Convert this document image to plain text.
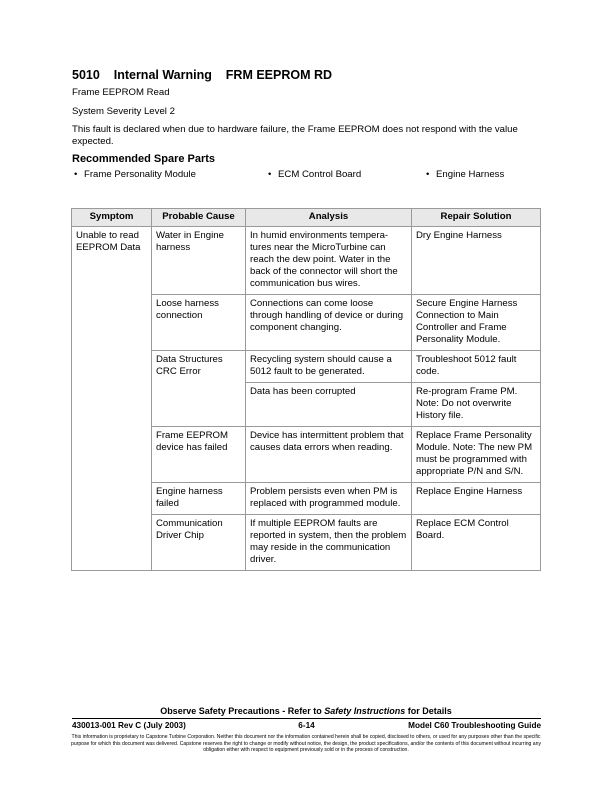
5010 Internal Warning FRM EEPROM RD
Frame EEPROM Read
System Severity Level 2
This fault is declared when due to hardware failure, the Frame EEPROM does not respond with the value expected.
Recommended Spare Parts
• Frame Personality Module	• ECM Control Board	• Engine Harness
Symptom	Probable Cause	Analysis	Repair Solution
Unable to read EEPROM Data	Water in Engine harness	In humid environments tempera-tures near the MicroTurbine can reach the dew point. Water in the back of the connector will short the communication bus wires.	Dry Engine Harness
	Loose harness connection	Connections can come loose through handling of device or during component changing.	Secure Engine Harness Connection to Main Controller and Frame Personality Module.
	Data Structures CRC Error	Recycling system should cause a 5012 fault to be generated.	Troubleshoot 5012 fault code.
		Data has been corrupted	Re-program Frame PM. Note: Do not overwrite History file.
	Frame EEPROM device has failed	Device has intermittent problem that causes data errors when reading.	Replace Frame Personality Module. Note: The new PM must be programmed with appropriate P/N and S/N.
	Engine harness failed	Problem persists even when PM is replaced with programmed module.	Replace Engine Harness
	Communication Driver Chip	If multiple EEPROM faults are reported in system, then the problem may reside in the communication driver.	Replace ECM Control Board.
Observe Safety Precautions - Refer to Safety Instructions for Details
430013-001 Rev C (July 2003)	6-14	Model C60 Troubleshooting Guide
This information is proprietary to Capstone Turbine Corporation. Neither this document nor the information contained herein shall be copied, disclosed to others, or used for any purposes other than the specific purpose for which this document was delivered. Capstone reserves the right to change or modify without notice, the design, the product specifications, and/or the contents of this document without incurring any obligation either with respect to equipment previously sold or in the process of construction.
